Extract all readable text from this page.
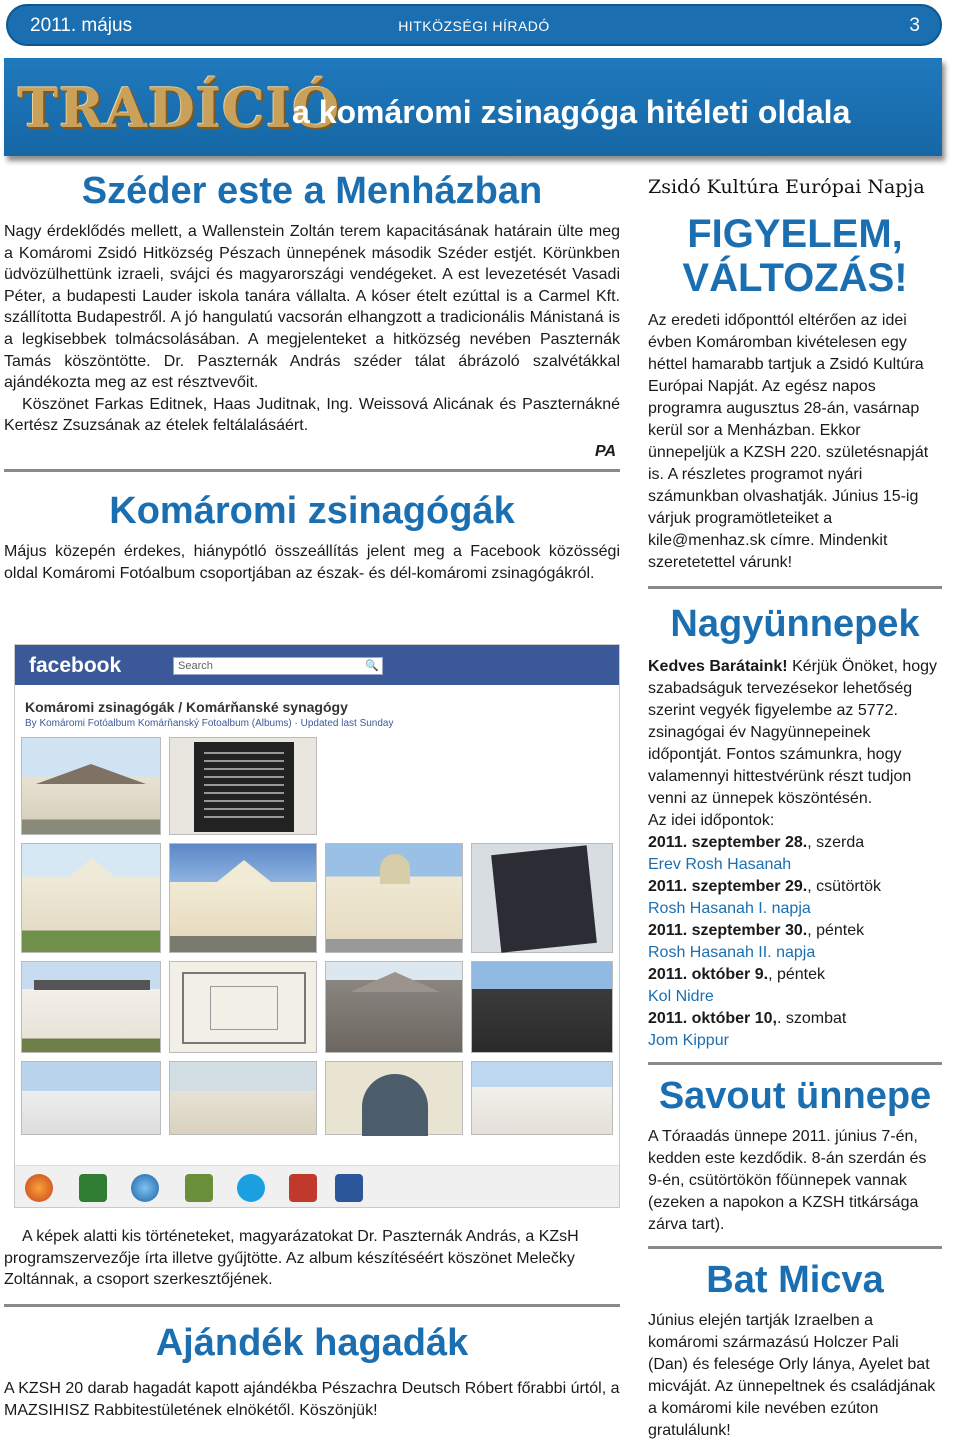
2011. május	HITKÖZSÉGI HÍRADÓ	3
TRADÍCIÓ
a komáromi zsinagóga hitéleti oldala
Széder este a Menházban

Nagy érdeklődés mellett, a Wallenstein Zoltán terem kapacitásának határain ülte meg a Komáromi Zsidó Hitközség Pészach ünnepének második Széder estjét. Körünkben üdvözülhettünk izraeli, svájci és magyarországi vendégeket. A est levezetését Vasadi Péter, a budapesti Lauder iskola tanára vállalta. A kóser ételt ezúttal is a Carmel Kft. szállította Budapestről. A jó hangulatú vacsorán elhangzott a tradicionális Mánistaná is a legkisebbek tolmácsolásában. A megjelenteket a hitközség nevében Paszternák Tamás köszöntötte. Dr. Paszternák András széder tálat ábrázoló szalvétákkal ajándékozta meg az est résztvevőit.

Köszönet Farkas Editnek, Haas Juditnak, Ing. Weissová Alicának és Paszternákné Kertész Zsuzsának az ételek feltálalásáért.

PA
Komáromi zsinagógák

Május közepén érdekes, hiánypótló összeállítás jelent meg a Facebook közösségi oldal Komáromi Fotóalbum csoportjában az észak- és dél-komáromi zsinagógákról.

facebook	Search	🔍
Komáromi zsinagógák / Komárňanské synagógy
By Komáromi Fotóalbum Komárňanský Fotoalbum (Albums) · Updated last Sunday
A képek alatti kis történeteket, magyarázatokat Dr. Paszternák András, a KZsH programszervezője írta illetve gyűjtötte. Az album készítéséért köszönet Melečky Zoltánnak, a csoport szerkesztőjének.
Ajándék hagadák
A KZSH 20 darab hagadát kapott ajándékba Pészachra Deutsch Róbert főrabbi úrtól, a MAZSIHISZ Rabbitestületének elnökétől. Köszönjük!
Zsidó Kultúra Európai Napja
FIGYELEM,
VÁLTOZÁS!

Az eredeti időponttól eltérően az idei évben Komáromban kivételesen egy héttel hamarabb tartjuk a Zsidó Kultúra Európai Napját. Az egész napos programra augusztus 28-án, vasárnap kerül sor a Menházban. Ekkor ünnepeljük a KZSH 220. születésnapját is. A részletes programot nyári számunkban olvashatják. Június 15-ig várjuk programötleteiket a kile@menhaz.sk címre. Mindenkit szeretetettel várunk!

Nagyünnepek

Kedves Barátaink! Kérjük Önöket, hogy szabadságuk tervezésekor lehetőség szerint vegyék figyelembe az 5772. zsinagógai év Nagyünnepeinek időpontját. Fontos számunkra, hogy valamennyi hittestvérünk részt tudjon venni az ünnepek köszöntésén.

Az idei időpontok:
2011. szeptember 28., szerda
Erev Rosh Hasanah
2011. szeptember 29., csütörtök
Rosh Hasanah I. napja
2011. szeptember 30., péntek
Rosh Hasanah II. napja
2011. október 9., péntek
Kol Nidre
2011. október 10,. szombat
Jom Kippur
Savout ünnepe

A Tóraadás ünnepe 2011. június 7-én, kedden este kezdődik. 8-án szerdán és 9-én, csütörtökön főünnepek vannak (ezeken a napokon a KZSH titkársága zárva tart).

Bat Micva

Június elején tartják Izraelben a komáromi származású Holczer Pali (Dan) és felesége Orly lánya, Ayelet bat micváját. Az ünnepeltnek és családjának a komáromi kile nevében ezúton gratulálunk!
